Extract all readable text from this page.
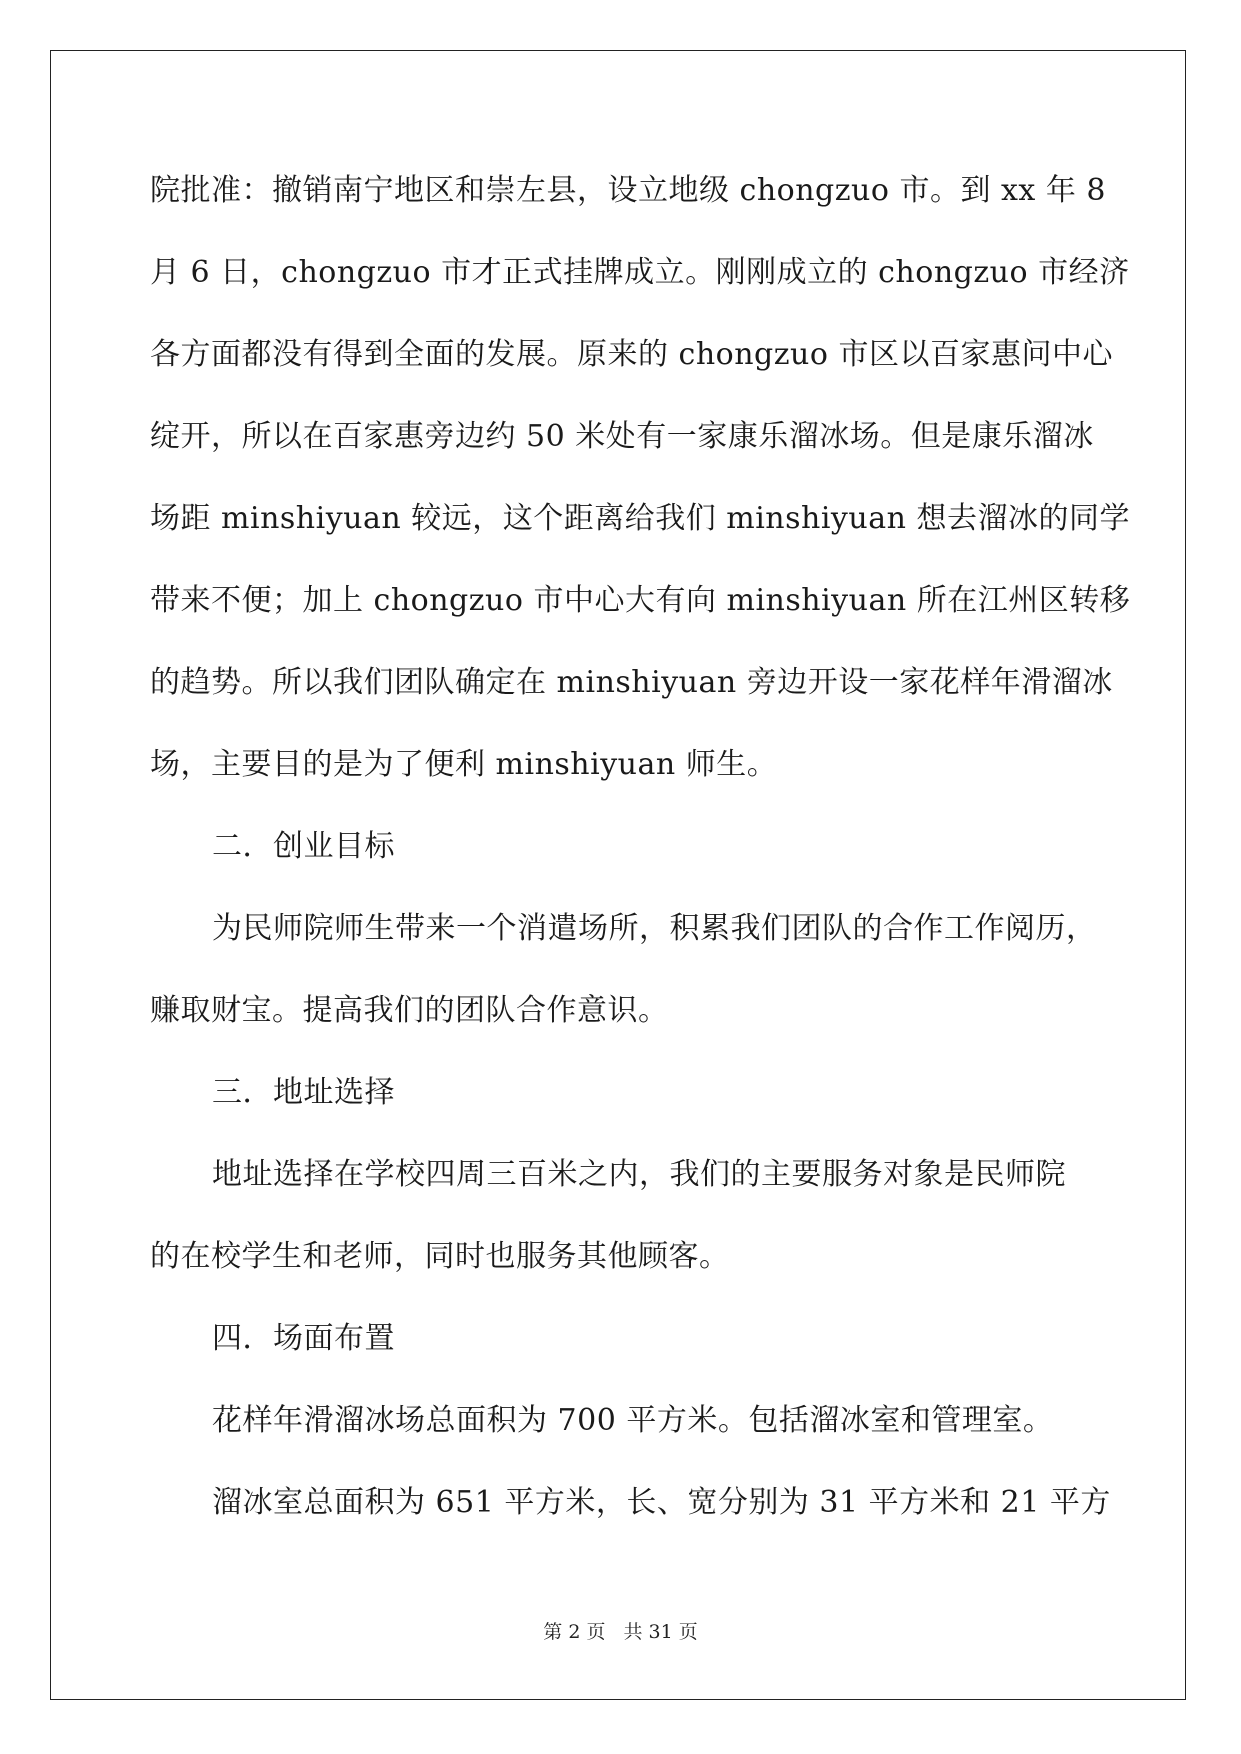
院批准：撤销南宁地区和崇左县，设立地级 chongzuo 市。到 xx 年 8
月 6 日，chongzuo 市才正式挂牌成立。刚刚成立的 chongzuo 市经济
各方面都没有得到全面的发展。原来的 chongzuo 市区以百家惠问中心
绽开，所以在百家惠旁边约 50 米处有一家康乐溜冰场。但是康乐溜冰
场距 minshiyuan 较远，这个距离给我们 minshiyuan 想去溜冰的同学
带来不便；加上 chongzuo 市中心大有向 minshiyuan 所在江州区转移
的趋势。所以我们团队确定在 minshiyuan 旁边开设一家花样年滑溜冰
场，主要目的是为了便利 minshiyuan 师生。
二．创业目标
为民师院师生带来一个消遣场所，积累我们团队的合作工作阅历，
赚取财宝。提高我们的团队合作意识。
三．地址选择
地址选择在学校四周三百米之内，我们的主要服务对象是民师院
的在校学生和老师，同时也服务其他顾客。
四．场面布置
花样年滑溜冰场总面积为 700 平方米。包括溜冰室和管理室。
溜冰室总面积为 651 平方米，长、宽分别为 31 平方米和 21 平方
第 2 页 共 31 页
